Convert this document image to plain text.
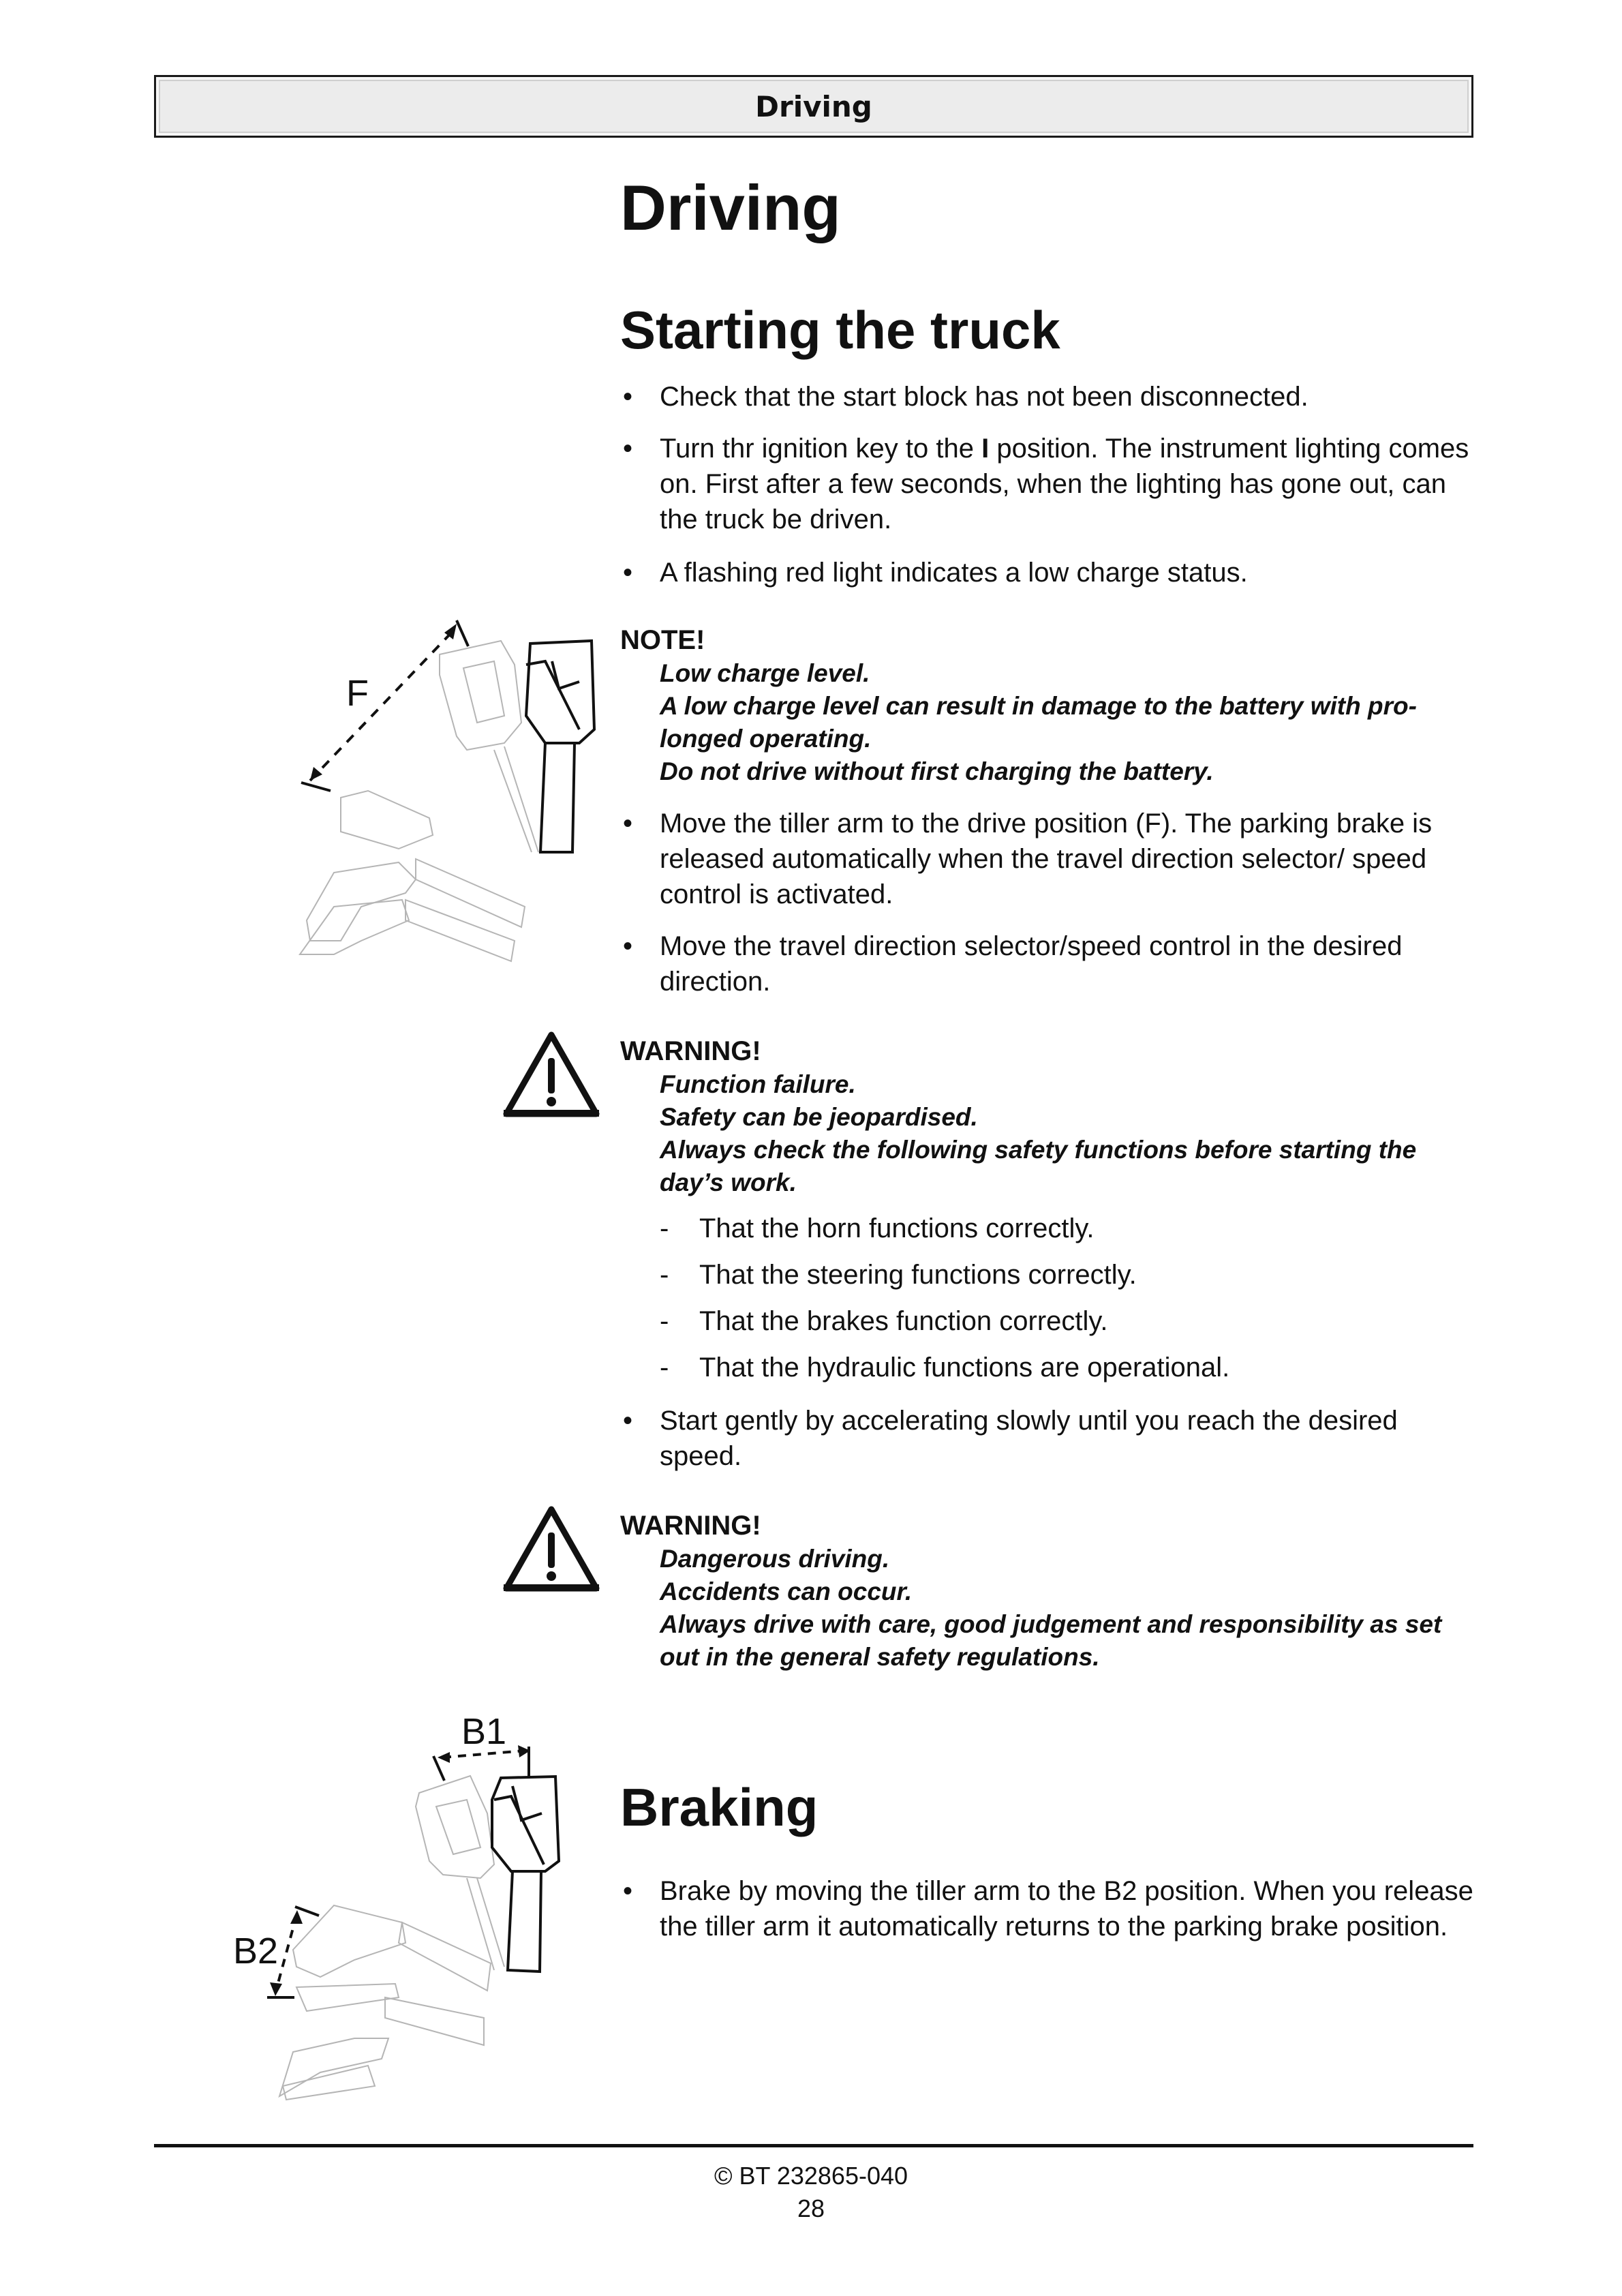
Driving
Driving
Starting the truck
• Check that the start block has not been disconnected.
• Turn thr ignition key to the I position. The instrument lighting comes on. First after a few seconds, when the lighting has gone out, can the truck be driven.
• A flashing red light indicates a low charge status.
NOTE!
Low charge level.
A low charge level can result in damage to the battery with pro-longed operating.
Do not drive without first charging the battery.
F
• Move the tiller arm to the drive position (F). The parking brake is released automatically when the travel direction selector/ speed control is activated.
• Move the travel direction selector/speed control in the desired direction.
WARNING!
Function failure.
Safety can be jeopardised.
Always check the following safety functions before starting the day’s work.
- That the horn functions correctly.
- That the steering functions correctly.
- That the brakes function correctly.
- That the hydraulic functions are operational.
• Start gently by accelerating slowly until you reach the desired speed.
WARNING!
Dangerous driving.
Accidents can occur.
Always drive with care, good judgement and responsibility as set out in the general safety regulations.
Braking
• Brake by moving the tiller arm to the B2 position. When you release the tiller arm it automatically returns to the parking brake position.
B1
B2
© BT 232865-040
28
